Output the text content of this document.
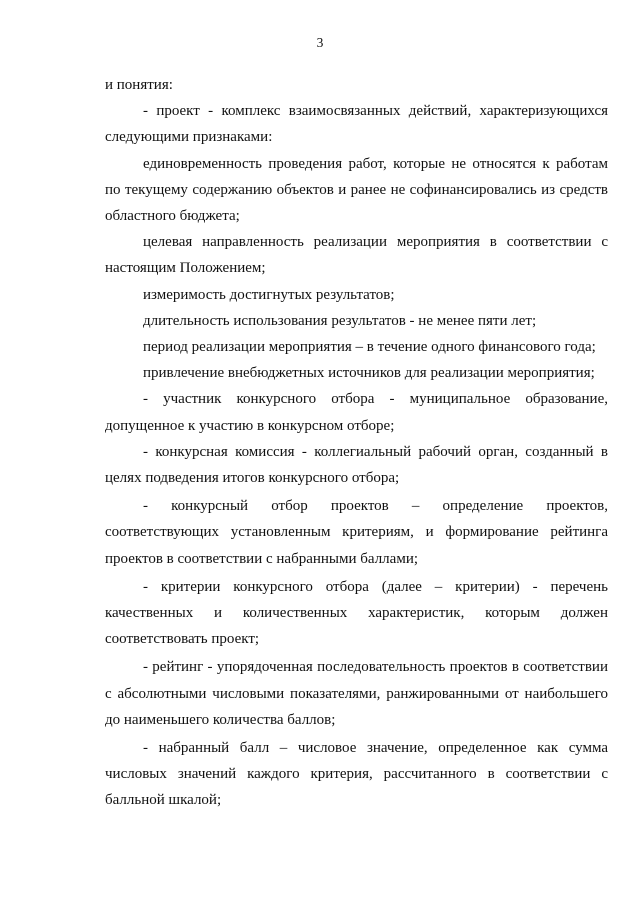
3

и понятия:

- проект - комплекс взаимосвязанных действий, характеризующихся следующими признаками:

единовременность проведения работ, которые не относятся к работам по текущему содержанию объектов и ранее не софинансировались из средств областного бюджета;

целевая направленность реализации мероприятия в соответствии с настоящим Положением;

измеримость достигнутых результатов;

длительность использования результатов - не менее пяти лет;

период реализации мероприятия – в течение одного финансового года;

привлечение внебюджетных источников для реализации мероприятия;

- участник конкурсного отбора - муниципальное образование, допущенное к участию в конкурсном отборе;

- конкурсная комиссия - коллегиальный рабочий орган, созданный в целях подведения итогов конкурсного отбора;

- конкурсный отбор проектов – определение проектов, соответствующих установленным критериям, и формирование рейтинга проектов в соответствии с набранными баллами;

- критерии конкурсного отбора (далее – критерии) - перечень качественных и количественных характеристик, которым должен соответствовать проект;

- рейтинг - упорядоченная последовательность проектов в соответствии с абсолютными числовыми показателями, ранжированными от наибольшего до наименьшего количества баллов;

- набранный балл – числовое значение, определенное как сумма числовых значений каждого критерия, рассчитанного в соответствии с балльной шкалой;
